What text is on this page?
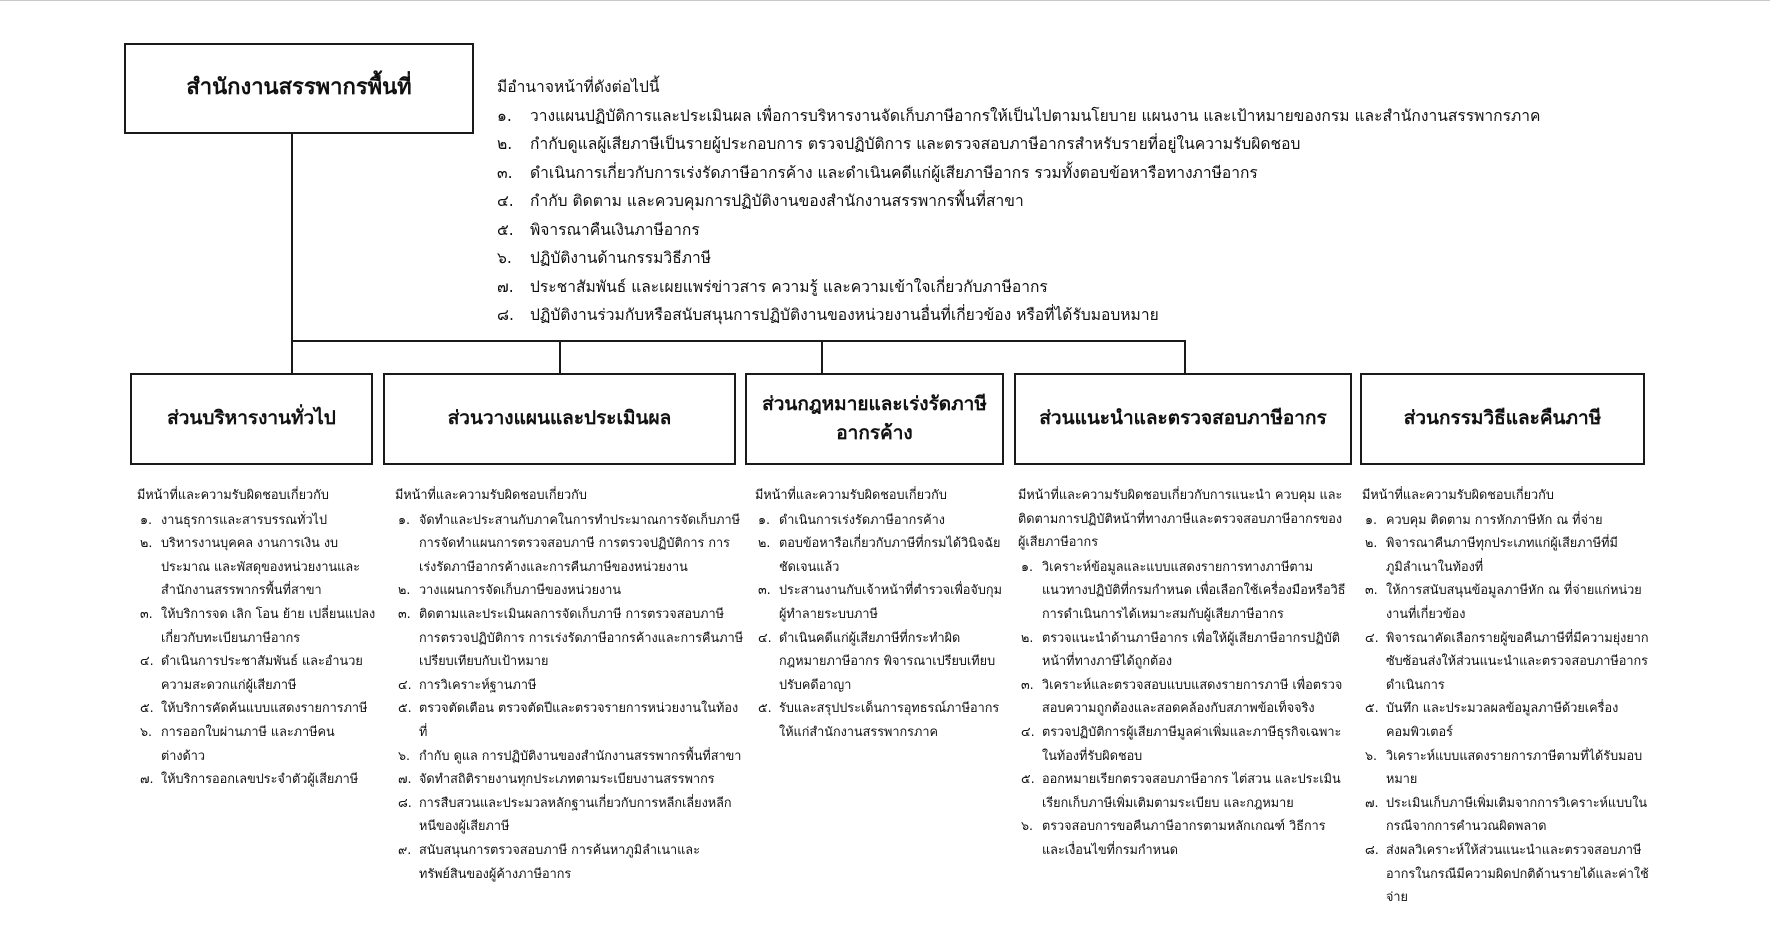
สำนักงานสรรพากรพื้นที่	มีอำนาจหน้าที่ดังต่อไปนี้
๑.	วางแผนปฏิบัติการและประเมินผล เพื่อการบริหารงานจัดเก็บภาษีอากรให้เป็นไปตามนโยบาย แผนงาน และเป้าหมายของกรม และสำนักงานสรรพากรภาค
๒.	กำกับดูแลผู้เสียภาษีเป็นรายผู้ประกอบการ ตรวจปฏิบัติการ และตรวจสอบภาษีอากรสำหรับรายที่อยู่ในความรับผิดชอบ
๓.	ดำเนินการเกี่ยวกับการเร่งรัดภาษีอากรค้าง และดำเนินคดีแก่ผู้เสียภาษีอากร รวมทั้งตอบข้อหารือทางภาษีอากร
๔.	กำกับ ติดตาม และควบคุมการปฏิบัติงานของสำนักงานสรรพากรพื้นที่สาขา
๕.	พิจารณาคืนเงินภาษีอากร
๖.	ปฏิบัติงานด้านกรรมวิธีภาษี
๗.	ประชาสัมพันธ์ และเผยแพร่ข่าวสาร ความรู้ และความเข้าใจเกี่ยวกับภาษีอากร
๘.	ปฏิบัติงานร่วมกับหรือสนับสนุนการปฏิบัติงานของหน่วยงานอื่นที่เกี่ยวข้อง หรือที่ได้รับมอบหมาย
ส่วนบริหารงานทั่วไป	ส่วนวางแผนและประเมินผล
ส่วนกฎหมายและเร่งรัดภาษีอากรค้าง
ส่วนแนะนำและตรวจสอบภาษีอากร	ส่วนกรรมวิธีและคืนภาษี
มีหน้าที่และความรับผิดชอบเกี่ยวกับ
๑. งานธุรการและสารบรรณทั่วไป
๒. บริหารงานบุคคล งานการเงิน งบประมาณ และพัสดุของหน่วยงานและสำนักงานสรรพากรพื้นที่สาขา
๓. ให้บริการจด เลิก โอน ย้าย เปลี่ยนแปลงเกี่ยวกับทะเบียนภาษีอากร
๔. ดำเนินการประชาสัมพันธ์ และอำนวยความสะดวกแก่ผู้เสียภาษี
๕. ให้บริการคัดค้นแบบแสดงรายการภาษี
๖. การออกใบผ่านภาษี และภาษีคนต่างด้าว
๗. ให้บริการออกเลขประจำตัวผู้เสียภาษี
มีหน้าที่และความรับผิดชอบเกี่ยวกับ
๑. จัดทำและประสานกับภาคในการทำประมาณการจัดเก็บภาษี การจัดทำแผนการตรวจสอบภาษี การตรวจปฏิบัติการ การเร่งรัดภาษีอากรค้างและการคืนภาษีของหน่วยงาน
๒. วางแผนการจัดเก็บภาษีของหน่วยงาน
๓. ติดตามและประเมินผลการจัดเก็บภาษี การตรวจสอบภาษี การตรวจปฏิบัติการ การเร่งรัดภาษีอากรค้างและการคืนภาษีเปรียบเทียบกับเป้าหมาย
๔. การวิเคราะห์ฐานภาษี
๕. ตรวจตัดเตือน ตรวจตัดปีและตรวจรายการหน่วยงานในท้องที่
๖. กำกับ ดูแล การปฏิบัติงานของสำนักงานสรรพากรพื้นที่สาขา
๗. จัดทำสถิติรายงานทุกประเภทตามระเบียบงานสรรพากร
๘. การสืบสวนและประมวลหลักฐานเกี่ยวกับการหลีกเลี่ยงหลีกหนีของผู้เสียภาษี
๙. สนับสนุนการตรวจสอบภาษี การค้นหาภูมิลำเนาและทรัพย์สินของผู้ค้างภาษีอากร
มีหน้าที่และความรับผิดชอบเกี่ยวกับ
๑. ดำเนินการเร่งรัดภาษีอากรค้าง
๒. ตอบข้อหารือเกี่ยวกับภาษีที่กรมได้วินิจฉัยชัดเจนแล้ว
๓. ประสานงานกับเจ้าหน้าที่ตำรวจเพื่อจับกุมผู้ทำลายระบบภาษี
๔. ดำเนินคดีแก่ผู้เสียภาษีที่กระทำผิดกฎหมายภาษีอากร พิจารณาเปรียบเทียบปรับคดีอาญา
๕. รับและสรุปประเด็นการอุทธรณ์ภาษีอากรให้แก่สำนักงานสรรพากรภาค
มีหน้าที่และความรับผิดชอบเกี่ยวกับการแนะนำ ควบคุม และติดตามการปฏิบัติหน้าที่ทางภาษีและตรวจสอบภาษีอากรของผู้เสียภาษีอากร
๑. วิเคราะห์ข้อมูลและแบบแสดงรายการทางภาษีตามแนวทางปฏิบัติที่กรมกำหนด เพื่อเลือกใช้เครื่องมือหรือวิธีการดำเนินการได้เหมาะสมกับผู้เสียภาษีอากร
๒. ตรวจแนะนำด้านภาษีอากร เพื่อให้ผู้เสียภาษีอากรปฏิบัติหน้าที่ทางภาษีได้ถูกต้อง
๓. วิเคราะห์และตรวจสอบแบบแสดงรายการภาษี เพื่อตรวจสอบความถูกต้องและสอดคล้องกับสภาพข้อเท็จจริง
๔. ตรวจปฏิบัติการผู้เสียภาษีมูลค่าเพิ่มและภาษีธุรกิจเฉพาะในท้องที่รับผิดชอบ
๕. ออกหมายเรียกตรวจสอบภาษีอากร ไต่สวน และประเมินเรียกเก็บภาษีเพิ่มเติมตามระเบียบ และกฎหมาย
๖. ตรวจสอบการขอคืนภาษีอากรตามหลักเกณฑ์ วิธีการและเงื่อนไขที่กรมกำหนด
มีหน้าที่และความรับผิดชอบเกี่ยวกับ
๑. ควบคุม ติดตาม การหักภาษีหัก ณ ที่จ่าย
๒. พิจารณาคืนภาษีทุกประเภทแก่ผู้เสียภาษีที่มีภูมิลำเนาในท้องที่
๓. ให้การสนับสนุนข้อมูลภาษีหัก ณ ที่จ่ายแก่หน่วยงานที่เกี่ยวข้อง
๔. พิจารณาคัดเลือกรายผู้ขอคืนภาษีที่มีความยุ่งยากซับซ้อนส่งให้ส่วนแนะนำและตรวจสอบภาษีอากรดำเนินการ
๕. บันทึก และประมวลผลข้อมูลภาษีด้วยเครื่องคอมพิวเตอร์
๖. วิเคราะห์แบบแสดงรายการภาษีตามที่ได้รับมอบหมาย
๗. ประเมินเก็บภาษีเพิ่มเติมจากการวิเคราะห์แบบในกรณีจากการคำนวณผิดพลาด
๘. ส่งผลวิเคราะห์ให้ส่วนแนะนำและตรวจสอบภาษีอากรในกรณีมีความผิดปกติด้านรายได้และค่าใช้จ่าย
